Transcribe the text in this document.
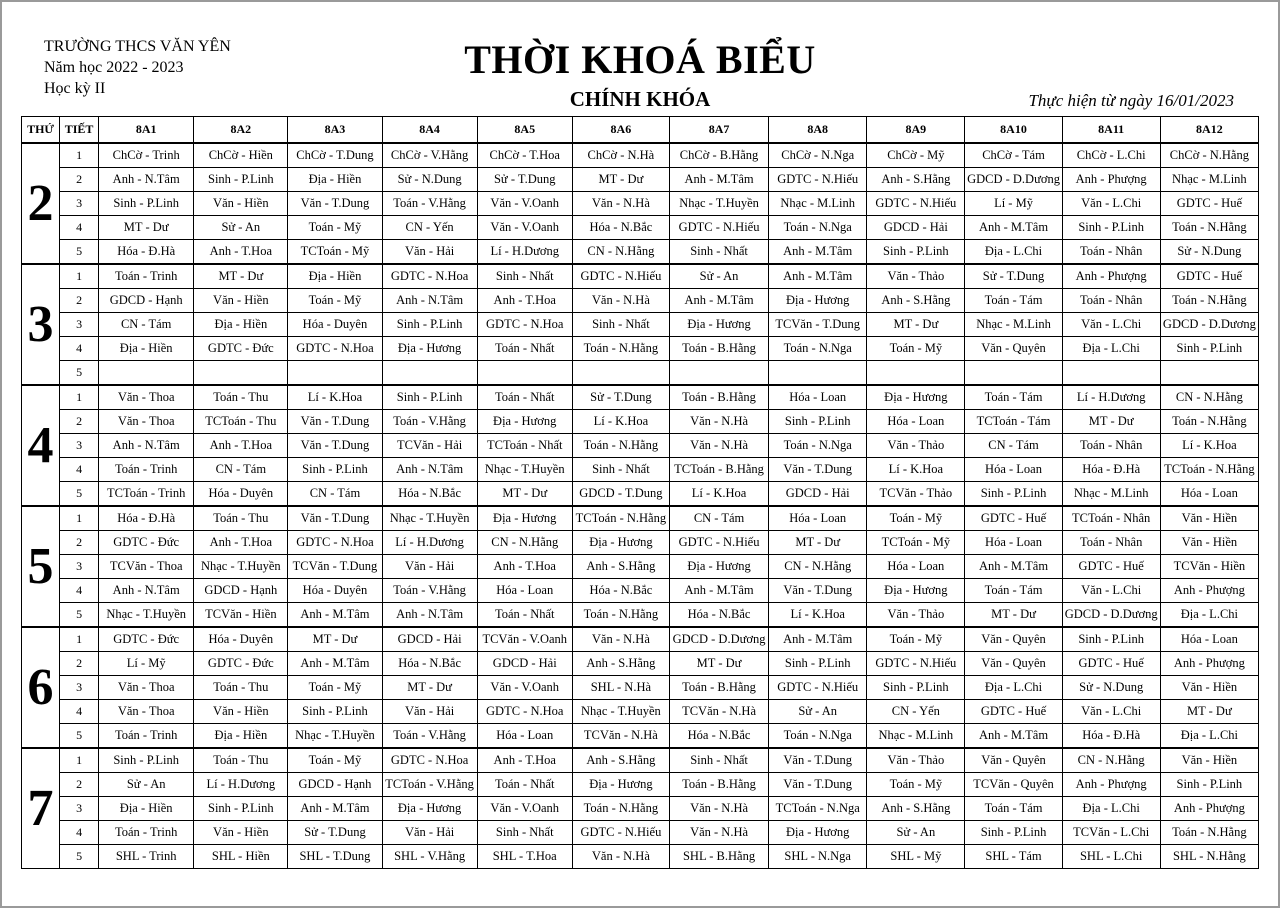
TRƯỜNG THCS VĂN YÊN
Năm học 2022 - 2023
Học kỳ II
THỜI KHOÁ BIỂU
CHÍNH KHÓA	Thực hiện từ ngày 16/01/2023
THỨ	TIẾT	8A1	8A2	8A3	8A4	8A5	8A6	8A7	8A8	8A9	8A10	8A11	8A12
2	1	ChCờ - Trinh	ChCờ - Hiền	ChCờ - T.Dung	ChCờ - V.Hằng	ChCờ - T.Hoa	ChCờ - N.Hà	ChCờ - B.Hằng	ChCờ - N.Nga	ChCờ - Mỹ	ChCờ - Tám	ChCờ - L.Chi	ChCờ - N.Hằng
	2	Anh - N.Tâm	Sinh - P.Linh	Địa - Hiền	Sử - N.Dung	Sử - T.Dung	MT - Dư	Anh - M.Tâm	GDTC - N.Hiếu	Anh - S.Hằng	GDCD - D.Dương	Anh - Phượng	Nhạc - M.Linh
	3	Sinh - P.Linh	Văn - Hiền	Văn - T.Dung	Toán - V.Hằng	Văn - V.Oanh	Văn - N.Hà	Nhạc - T.Huyền	Nhạc - M.Linh	GDTC - N.Hiếu	Lí - Mỹ	Văn - L.Chi	GDTC - Huế
	4	MT - Dư	Sử - An	Toán - Mỹ	CN - Yến	Văn - V.Oanh	Hóa - N.Bắc	GDTC - N.Hiếu	Toán - N.Nga	GDCD - Hải	Anh - M.Tâm	Sinh - P.Linh	Toán - N.Hằng
	5	Hóa - Đ.Hà	Anh - T.Hoa	TCToán - Mỹ	Văn - Hải	Lí - H.Dương	CN - N.Hằng	Sinh - Nhất	Anh - M.Tâm	Sinh - P.Linh	Địa - L.Chi	Toán - Nhân	Sử - N.Dung
3	1	Toán - Trinh	MT - Dư	Địa - Hiền	GDTC - N.Hoa	Sinh - Nhất	GDTC - N.Hiếu	Sử - An	Anh - M.Tâm	Văn - Thảo	Sử - T.Dung	Anh - Phượng	GDTC - Huế
	2	GDCD - Hạnh	Văn - Hiền	Toán - Mỹ	Anh - N.Tâm	Anh - T.Hoa	Văn - N.Hà	Anh - M.Tâm	Địa - Hương	Anh - S.Hằng	Toán - Tám	Toán - Nhân	Toán - N.Hằng
	3	CN - Tám	Địa - Hiền	Hóa - Duyên	Sinh - P.Linh	GDTC - N.Hoa	Sinh - Nhất	Địa - Hương	TCVăn - T.Dung	MT - Dư	Nhạc - M.Linh	Văn - L.Chi	GDCD - D.Dương
	4	Địa - Hiền	GDTC - Đức	GDTC - N.Hoa	Địa - Hương	Toán - Nhất	Toán - N.Hằng	Toán - B.Hằng	Toán - N.Nga	Toán - Mỹ	Văn - Quyên	Địa - L.Chi	Sinh - P.Linh
	5												
4	1	Văn - Thoa	Toán - Thu	Lí - K.Hoa	Sinh - P.Linh	Toán - Nhất	Sử - T.Dung	Toán - B.Hằng	Hóa - Loan	Địa - Hương	Toán - Tám	Lí - H.Dương	CN - N.Hằng
	2	Văn - Thoa	TCToán - Thu	Văn - T.Dung	Toán - V.Hằng	Địa - Hương	Lí - K.Hoa	Văn - N.Hà	Sinh - P.Linh	Hóa - Loan	TCToán - Tám	MT - Dư	Toán - N.Hằng
	3	Anh - N.Tâm	Anh - T.Hoa	Văn - T.Dung	TCVăn - Hải	TCToán - Nhất	Toán - N.Hằng	Văn - N.Hà	Toán - N.Nga	Văn - Thảo	CN - Tám	Toán - Nhân	Lí - K.Hoa
	4	Toán - Trinh	CN - Tám	Sinh - P.Linh	Anh - N.Tâm	Nhạc - T.Huyền	Sinh - Nhất	TCToán - B.Hằng	Văn - T.Dung	Lí - K.Hoa	Hóa - Loan	Hóa - Đ.Hà	TCToán - N.Hằng
	5	TCToán - Trinh	Hóa - Duyên	CN - Tám	Hóa - N.Bắc	MT - Dư	GDCD - T.Dung	Lí - K.Hoa	GDCD - Hải	TCVăn - Thảo	Sinh - P.Linh	Nhạc - M.Linh	Hóa - Loan
5	1	Hóa - Đ.Hà	Toán - Thu	Văn - T.Dung	Nhạc - T.Huyền	Địa - Hương	TCToán - N.Hằng	CN - Tám	Hóa - Loan	Toán - Mỹ	GDTC - Huế	TCToán - Nhân	Văn - Hiền
	2	GDTC - Đức	Anh - T.Hoa	GDTC - N.Hoa	Lí - H.Dương	CN - N.Hằng	Địa - Hương	GDTC - N.Hiếu	MT - Dư	TCToán - Mỹ	Hóa - Loan	Toán - Nhân	Văn - Hiền
	3	TCVăn - Thoa	Nhạc - T.Huyền	TCVăn - T.Dung	Văn - Hải	Anh - T.Hoa	Anh - S.Hằng	Địa - Hương	CN - N.Hằng	Hóa - Loan	Anh - M.Tâm	GDTC - Huế	TCVăn - Hiền
	4	Anh - N.Tâm	GDCD - Hạnh	Hóa - Duyên	Toán - V.Hằng	Hóa - Loan	Hóa - N.Bắc	Anh - M.Tâm	Văn - T.Dung	Địa - Hương	Toán - Tám	Văn - L.Chi	Anh - Phượng
	5	Nhạc - T.Huyền	TCVăn - Hiền	Anh - M.Tâm	Anh - N.Tâm	Toán - Nhất	Toán - N.Hằng	Hóa - N.Bắc	Lí - K.Hoa	Văn - Thảo	MT - Dư	GDCD - D.Dương	Địa - L.Chi
6	1	GDTC - Đức	Hóa - Duyên	MT - Dư	GDCD - Hải	TCVăn - V.Oanh	Văn - N.Hà	GDCD - D.Dương	Anh - M.Tâm	Toán - Mỹ	Văn - Quyên	Sinh - P.Linh	Hóa - Loan
	2	Lí - Mỹ	GDTC - Đức	Anh - M.Tâm	Hóa - N.Bắc	GDCD - Hải	Anh - S.Hằng	MT - Dư	Sinh - P.Linh	GDTC - N.Hiếu	Văn - Quyên	GDTC - Huế	Anh - Phượng
	3	Văn - Thoa	Toán - Thu	Toán - Mỹ	MT - Dư	Văn - V.Oanh	SHL - N.Hà	Toán - B.Hằng	GDTC - N.Hiếu	Sinh - P.Linh	Địa - L.Chi	Sử - N.Dung	Văn - Hiền
	4	Văn - Thoa	Văn - Hiền	Sinh - P.Linh	Văn - Hải	GDTC - N.Hoa	Nhạc - T.Huyền	TCVăn - N.Hà	Sử - An	CN - Yến	GDTC - Huế	Văn - L.Chi	MT - Dư
	5	Toán - Trinh	Địa - Hiền	Nhạc - T.Huyền	Toán - V.Hằng	Hóa - Loan	TCVăn - N.Hà	Hóa - N.Bắc	Toán - N.Nga	Nhạc - M.Linh	Anh - M.Tâm	Hóa - Đ.Hà	Địa - L.Chi
7	1	Sinh - P.Linh	Toán - Thu	Toán - Mỹ	GDTC - N.Hoa	Anh - T.Hoa	Anh - S.Hằng	Sinh - Nhất	Văn - T.Dung	Văn - Thảo	Văn - Quyên	CN - N.Hằng	Văn - Hiền
	2	Sử - An	Lí - H.Dương	GDCD - Hạnh	TCToán - V.Hằng	Toán - Nhất	Địa - Hương	Toán - B.Hằng	Văn - T.Dung	Toán - Mỹ	TCVăn - Quyên	Anh - Phượng	Sinh - P.Linh
	3	Địa - Hiền	Sinh - P.Linh	Anh - M.Tâm	Địa - Hương	Văn - V.Oanh	Toán - N.Hằng	Văn - N.Hà	TCToán - N.Nga	Anh - S.Hằng	Toán - Tám	Địa - L.Chi	Anh - Phượng
	4	Toán - Trinh	Văn - Hiền	Sử - T.Dung	Văn - Hải	Sinh - Nhất	GDTC - N.Hiếu	Văn - N.Hà	Địa - Hương	Sử - An	Sinh - P.Linh	TCVăn - L.Chi	Toán - N.Hằng
	5	SHL - Trinh	SHL - Hiền	SHL - T.Dung	SHL - V.Hằng	SHL - T.Hoa	Văn - N.Hà	SHL - B.Hằng	SHL - N.Nga	SHL - Mỹ	SHL - Tám	SHL - L.Chi	SHL - N.Hằng
